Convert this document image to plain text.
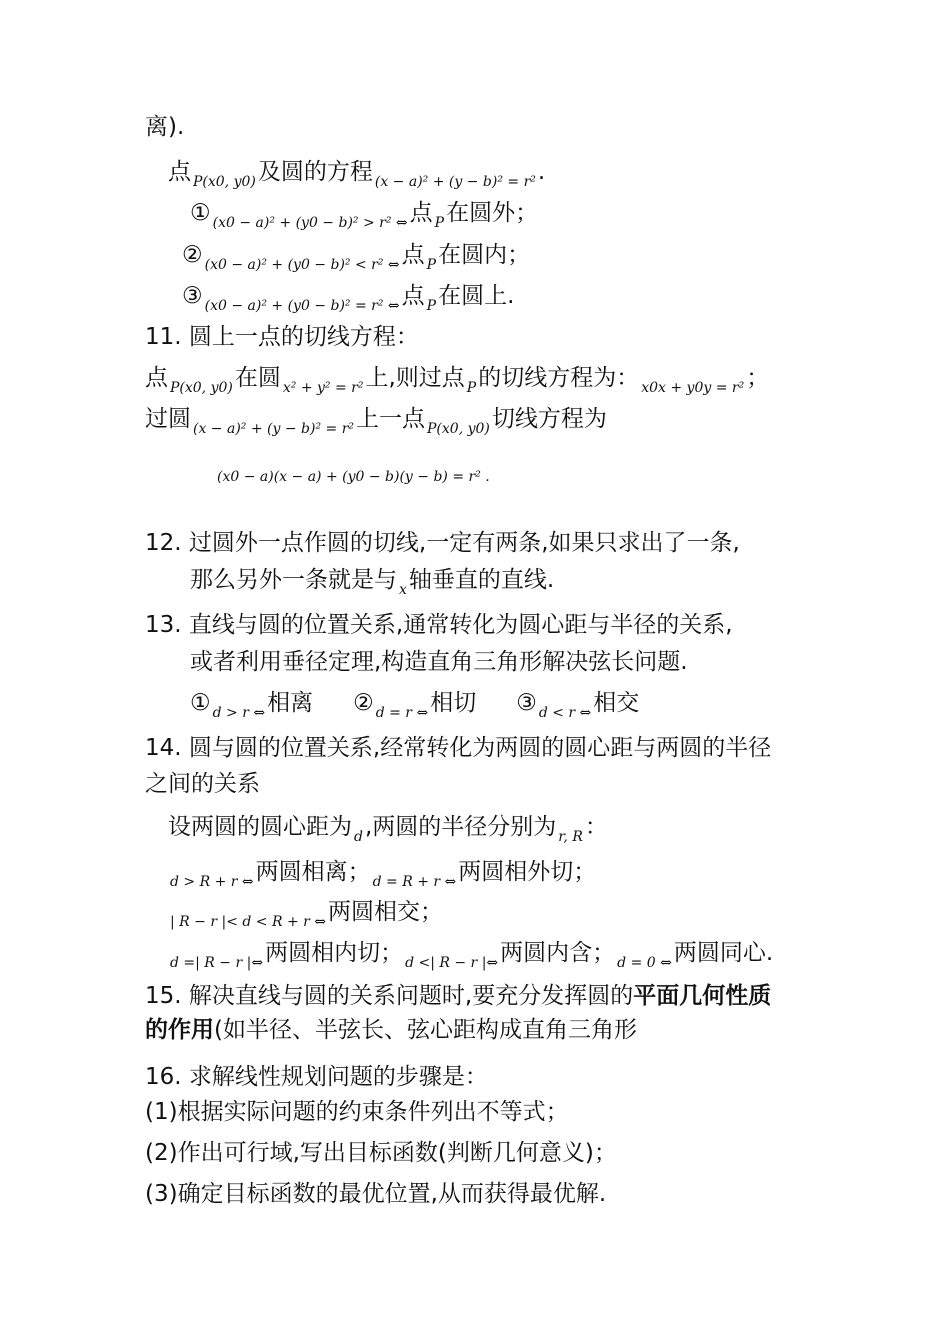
离).
点 $_{P(x0, y0)}$及圆的方程 $_{(x - a)^2 + (y - b)^2 = r^2}$.
① $_{(x0 - a)^2 + (y0 - b)^2 > r^2 \Leftrightarrow}$点 $_P$在圆外；
② $_{(x0 - a)^2 + (y0 - b)^2 < r^2 \Leftrightarrow}$点 $_P$在圆内；
③ $_{(x0 - a)^2 + (y0 - b)^2 = r^2 \Leftrightarrow}$点 $_P$在圆上.
11. 圆上一点的切线方程：
点 $_{P(x0, y0)}$在圆 $_{x^2 + y^2 = r^2}$上,则过点 $_P$的切线方程为： $_{x0x + y0y = r^2}$；
过圆 $_{(x - a)^2 + (y - b)^2 = r^2}$上一点 $_{P(x0, y0)}$切线方程为
$_{(x0 - a)(x - a) + (y0 - b)(y - b) = r^2 .}$
12. 过圆外一点作圆的切线,一定有两条,如果只求出了一条,
那么另外一条就是与 $_x$轴垂直的直线.
13. 直线与圆的位置关系,通常转化为圆心距与半径的关系,
或者利用垂径定理,构造直角三角形解决弦长问题.
① $_{d > r \Leftrightarrow}$相离 ② $_{d = r \Leftrightarrow}$相切 ③ $_{d < r \Leftrightarrow}$相交
14. 圆与圆的位置关系,经常转化为两圆的圆心距与两圆的半径
之间的关系
设两圆的圆心距为 $_d$,两圆的半径分别为 $_{r, R}$：
$_{d > R + r \Leftrightarrow}$两圆相离； $_{d = R + r \Leftrightarrow}$两圆相外切；
$_{| R - r |< d < R + r \Leftrightarrow}$两圆相交；
$_{d =| R - r |\Leftrightarrow}$两圆相内切； $_{d <| R - r |\Leftrightarrow}$两圆内含； $_{d = 0 \Leftrightarrow}$两圆同心.
15. 解决直线与圆的关系问题时,要充分发挥圆的平面几何性质
的作用(如半径、半弦长、弦心距构成直角三角形
16. 求解线性规划问题的步骤是：
(1)根据实际问题的约束条件列出不等式；
(2)作出可行域,写出目标函数(判断几何意义)；
(3)确定目标函数的最优位置,从而获得最优解.
